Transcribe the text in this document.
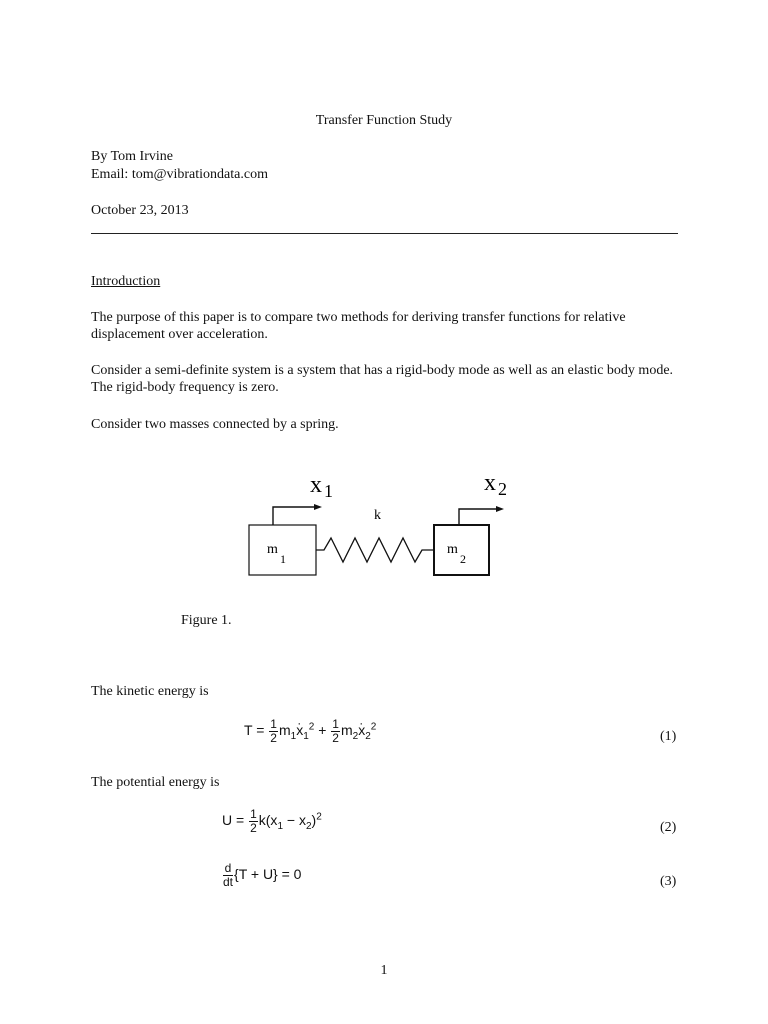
Transfer Function Study
By Tom Irvine
Email: tom@vibrationdata.com
October 23, 2013
Introduction
The purpose of this paper is to compare two methods for deriving transfer functions for relative displacement over acceleration.
Consider a semi-definite system is a system that has a rigid-body mode as well as an elastic body mode. The rigid-body frequency is zero.
Consider two masses connected by a spring.
x 1	x 2
k
m
1
m
2
Figure 1.
The kinetic energy is
$T = \frac{1}{2} m_1\cdot x_1^2 + \frac{1}{2} m_2\cdot x_2^2$
(1)
The potential energy is
$U = \frac{1}{2} k(x_1 - x_2)^2$
(2)
$\frac{d}{dt} \{T + U\} = 0$	(3)
1
